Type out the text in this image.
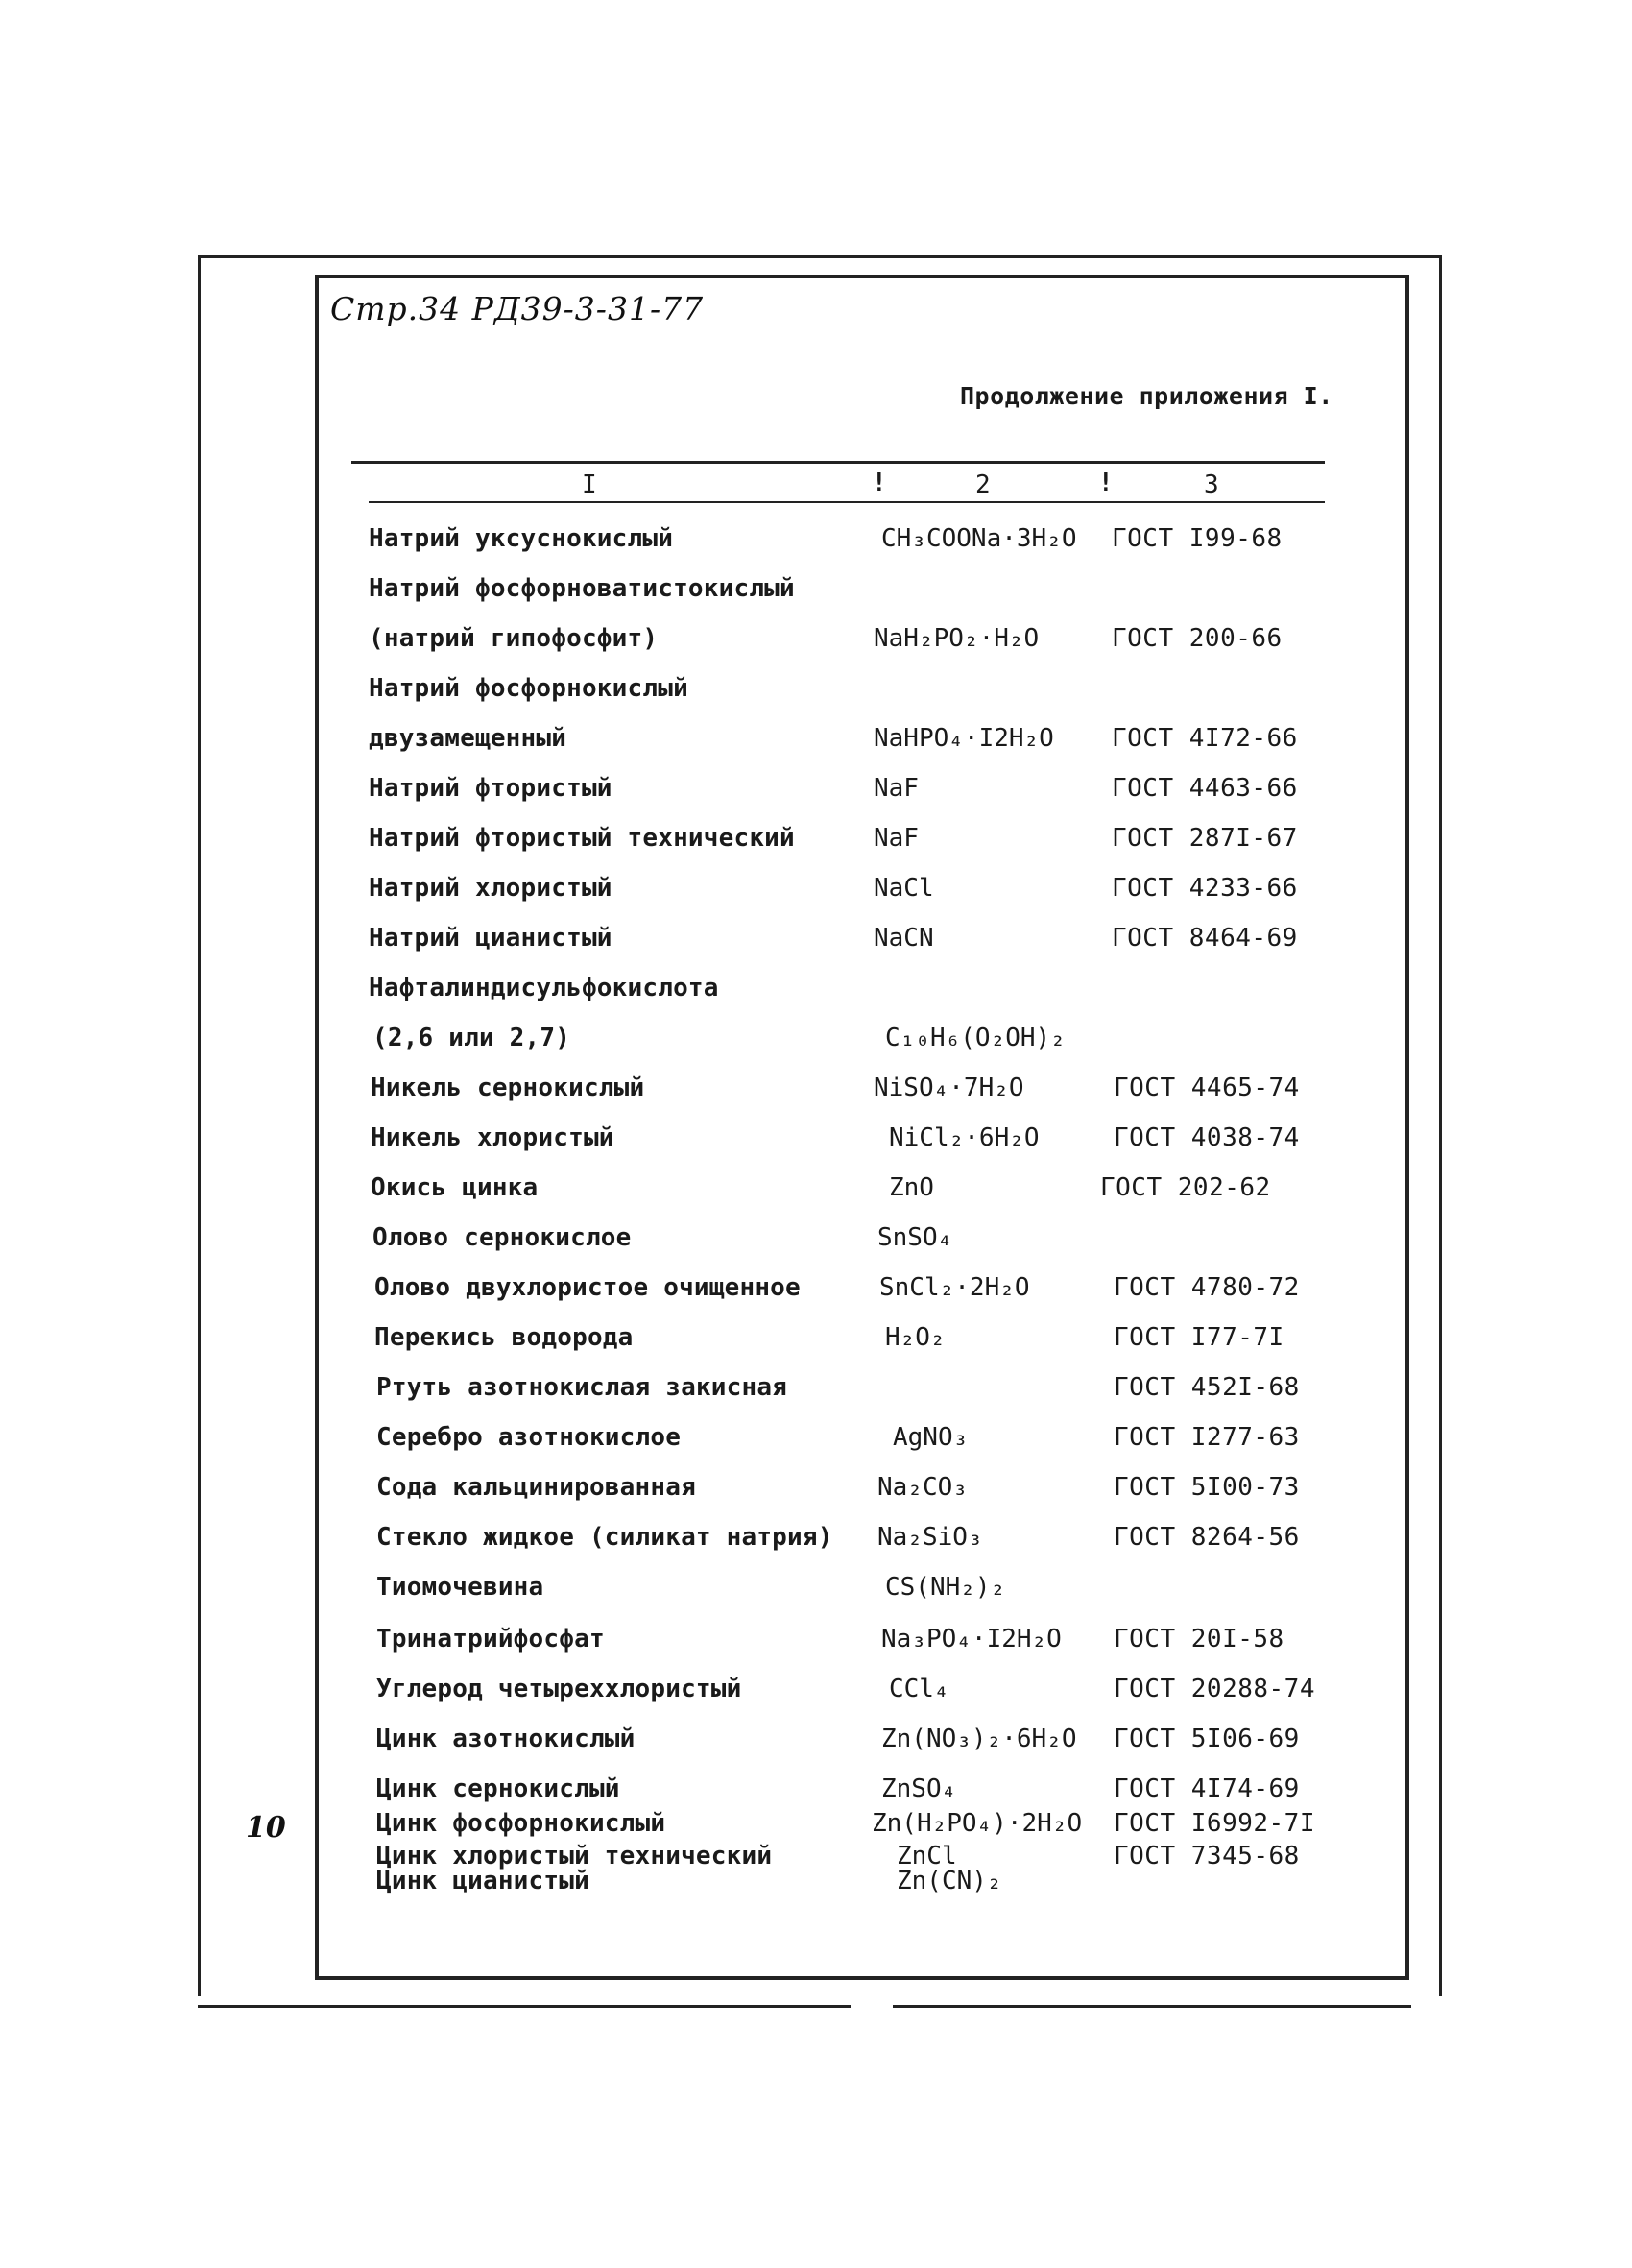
Стр.34 РД39-3-31-77
10
Продолжение приложения I.
I	!	2	!	3
Натрий уксуснокислый	CH₃COONa·3H₂O ГОСТ I99-68
Натрий фосфорноватистокислый
(натрий гипофосфит)	NaH₂PO₂·H₂O	ГОСТ 200-66
Натрий фосфорнокислый
двузамещенный	NaHPO₄·I2H₂O ГОСТ 4I72-66
Натрий фтористый	NaF	ГОСТ 4463-66
Натрий фтористый технический	NaF	ГОСТ 287I-67
Натрий хлористый	NaCl	ГОСТ 4233-66
Натрий цианистый	NaCN	ГОСТ 8464-69
Нафталиндисульфокислота
(2,6 или 2,7)	C₁₀H₆(O₂OH)₂
Никель сернокислый	NiSO₄·7H₂O	ГОСТ 4465-74
Никель хлористый	NiCl₂·6H₂O	ГОСТ 4038-74
Окись цинка	ZnO	ГОСТ 202-62
Олово сернокислое	SnSO₄
Олово двухлористое очищенное	SnCl₂·2H₂O	ГОСТ 4780-72
Перекись водорода	H₂O₂	ГОСТ I77-7I
Ртуть азотнокислая закисная	ГОСТ 452I-68
Серебро азотнокислое	AgNO₃	ГОСТ I277-63
Сода кальцинированная	Na₂CO₃	ГОСТ 5I00-73
Стекло жидкое (силикат натрия) Na₂SiO₃	ГОСТ 8264-56
Тиомочевина	CS(NH₂)₂
Тринатрийфосфат	Na₃PO₄·I2H₂O ГОСТ 20I-58
Углерод четыреххлористый	CCl₄	ГОСТ 20288-74
Цинк азотнокислый	Zn(NO₃)₂·6H₂O ГОСТ 5I06-69
Цинк сернокислый	ZnSO₄	ГОСТ 4I74-69
Цинк фосфорнокислый	Zn(H₂PO₄)·2H₂O ГОСТ I6992-7I
Цинк хлористый технический	ZnCl	ГОСТ 7345-68
Цинк цианистый	Zn(CN)₂
